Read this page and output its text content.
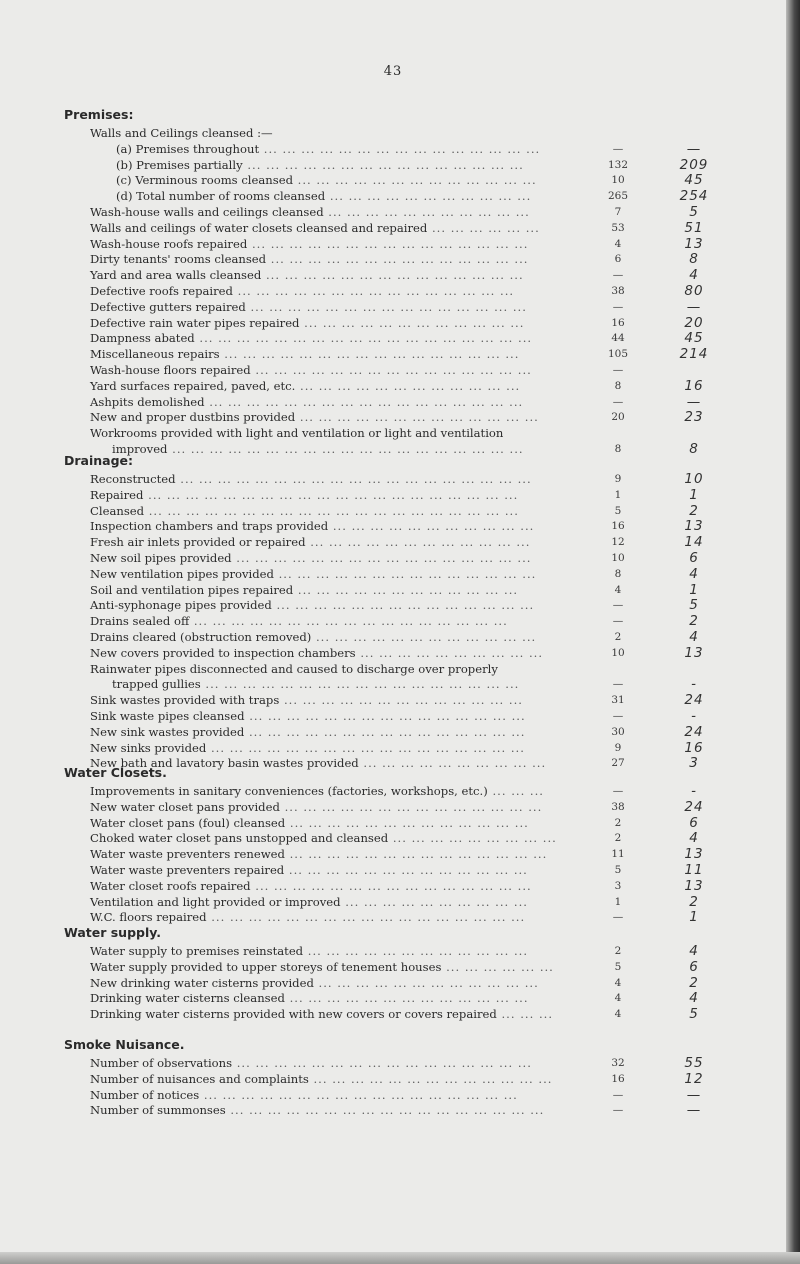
43
Premises:
Walls and Ceilings cleansed :—
(a) Premises throughout ... ... ... ... ... ... ... ... ... ... ... ... ... ... ...	—	—
(b) Premises partially ... ... ... ... ... ... ... ... ... ... ... ... ... ... ...	132	209
(c) Verminous rooms cleansed ... ... ... ... ... ... ... ... ... ... ... ... ...	10	45
(d) Total number of rooms cleansed ... ... ... ... ... ... ... ... ... ... ...	265	254
Wash-house walls and ceilings cleansed ... ... ... ... ... ... ... ... ... ... ...	7	5
Walls and ceilings of water closets cleansed and repaired ... ... ... ... ... ...	53	51
Wash-house roofs repaired ... ... ... ... ... ... ... ... ... ... ... ... ... ... ...	4	13
Dirty tenants' rooms cleansed ... ... ... ... ... ... ... ... ... ... ... ... ... ...	6	8
Yard and area walls cleansed ... ... ... ... ... ... ... ... ... ... ... ... ... ...	—	4
Defective roofs repaired ... ... ... ... ... ... ... ... ... ... ... ... ... ... ...	38	80
Defective gutters repaired ... ... ... ... ... ... ... ... ... ... ... ... ... ... ...	—	—
Defective rain water pipes repaired ... ... ... ... ... ... ... ... ... ... ... ...	16	20
Dampness abated ... ... ... ... ... ... ... ... ... ... ... ... ... ... ... ... ... ...	44	45
Miscellaneous repairs ... ... ... ... ... ... ... ... ... ... ... ... ... ... ... ...	105	214
Wash-house floors repaired ... ... ... ... ... ... ... ... ... ... ... ... ... ... ...	—
Yard surfaces repaired, paved, etc. ... ... ... ... ... ... ... ... ... ... ... ...	8	16
Ashpits demolished ... ... ... ... ... ... ... ... ... ... ... ... ... ... ... ... ...	—	—
New and proper dustbins provided ... ... ... ... ... ... ... ... ... ... ... ... ...	20	23
Workrooms provided with light and ventilation or light and ventilation
improved ... ... ... ... ... ... ... ... ... ... ... ... ... ... ... ... ... ... ...	8	8
Drainage:
Reconstructed ... ... ... ... ... ... ... ... ... ... ... ... ... ... ... ... ... ... ...	9	10
Repaired ... ... ... ... ... ... ... ... ... ... ... ... ... ... ... ... ... ... ... ...	1	1
Cleansed ... ... ... ... ... ... ... ... ... ... ... ... ... ... ... ... ... ... ... ...	5	2
Inspection chambers and traps provided ... ... ... ... ... ... ... ... ... ... ...	16	13
Fresh air inlets provided or repaired ... ... ... ... ... ... ... ... ... ... ... ...	12	14
New soil pipes provided ... ... ... ... ... ... ... ... ... ... ... ... ... ... ... ...	10	6
New ventilation pipes provided ... ... ... ... ... ... ... ... ... ... ... ... ... ...	8	4
Soil and ventilation pipes repaired ... ... ... ... ... ... ... ... ... ... ... ...	4	1
Anti-syphonage pipes provided ... ... ... ... ... ... ... ... ... ... ... ... ... ...	—	5
Drains sealed off ... ... ... ... ... ... ... ... ... ... ... ... ... ... ... ... ...	—	2
Drains cleared (obstruction removed) ... ... ... ... ... ... ... ... ... ... ... ...	2	4
New covers provided to inspection chambers ... ... ... ... ... ... ... ... ... ...	10	13
Rainwater pipes disconnected and caused to discharge over properly
trapped gullies ... ... ... ... ... ... ... ... ... ... ... ... ... ... ... ... ...	—	-
Sink wastes provided with traps ... ... ... ... ... ... ... ... ... ... ... ... ...	31	24
Sink waste pipes cleansed ... ... ... ... ... ... ... ... ... ... ... ... ... ... ...	—	-
New sink wastes provided ... ... ... ... ... ... ... ... ... ... ... ... ... ... ...	30	24
New sinks provided ... ... ... ... ... ... ... ... ... ... ... ... ... ... ... ... ...	9	16
New bath and lavatory basin wastes provided ... ... ... ... ... ... ... ... ... ...	27	3
Water Closets.
Improvements in sanitary conveniences (factories, workshops, etc.) ... ... ...	—	-
New water closet pans provided ... ... ... ... ... ... ... ... ... ... ... ... ... ...	38	24
Water closet pans (foul) cleansed ... ... ... ... ... ... ... ... ... ... ... ... ...	2	6
Choked water closet pans unstopped and cleansed ... ... ... ... ... ... ... ... ...	2	4
Water waste preventers renewed ... ... ... ... ... ... ... ... ... ... ... ... ... ...	11	13
Water waste preventers repaired ... ... ... ... ... ... ... ... ... ... ... ... ...	5	11
Water closet roofs repaired ... ... ... ... ... ... ... ... ... ... ... ... ... ... ...	3	13
Ventilation and light provided or improved ... ... ... ... ... ... ... ... ... ...	1	2
W.C. floors repaired ... ... ... ... ... ... ... ... ... ... ... ... ... ... ... ... ...	—	1
Water supply.
Water supply to premises reinstated ... ... ... ... ... ... ... ... ... ... ... ...	2	4
Water supply provided to upper storeys of tenement houses ... ... ... ... ... ...	5	6
New drinking water cisterns provided ... ... ... ... ... ... ... ... ... ... ... ...	4	2
Drinking water cisterns cleansed ... ... ... ... ... ... ... ... ... ... ... ... ...	4	4
Drinking water cisterns provided with new covers or covers repaired ... ... ...	4	5
Smoke Nuisance.
Number of observations ... ... ... ... ... ... ... ... ... ... ... ... ... ... ... ...	32	55
Number of nuisances and complaints ... ... ... ... ... ... ... ... ... ... ... ... ...	16	12
Number of notices ... ... ... ... ... ... ... ... ... ... ... ... ... ... ... ... ...	—	—
Number of summonses ... ... ... ... ... ... ... ... ... ... ... ... ... ... ... ... ...	—	—
